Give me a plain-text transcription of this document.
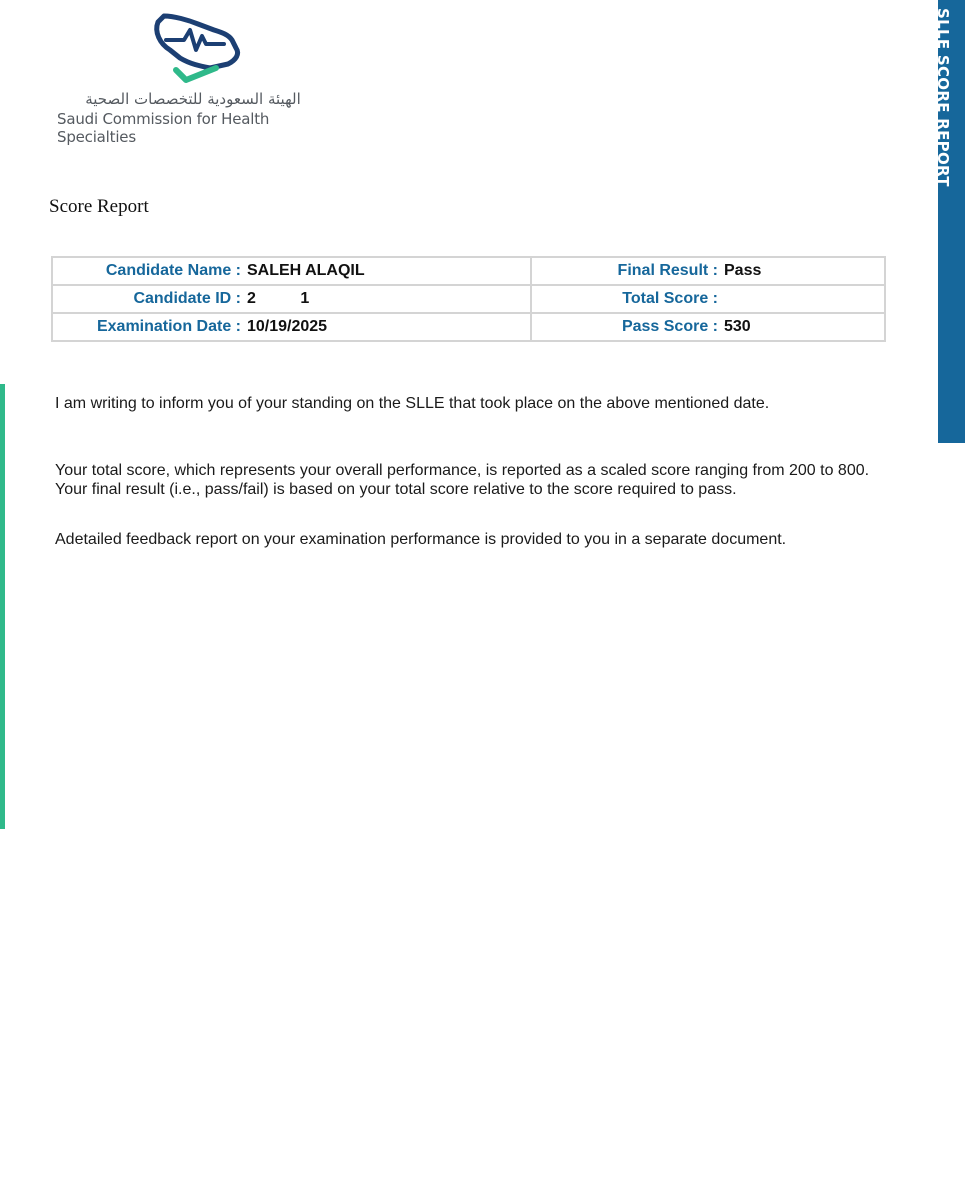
الهيئة السعودية للتخصصات الصحية
Saudi Commission for Health Specialties	SLLE SCORE REPORT
Score Report
Candidate Name : SALEH ALAQIL	Final Result : Pass

Candidate ID : 2          1	Total Score :

Examination Date : 10/19/2025	Pass Score : 530

I am writing to inform you of your standing on the SLLE that took place on the above mentioned date.

Your total score, which represents your overall performance, is reported as a scaled score ranging from 200 to 800. Your final result (i.e., pass/fail) is based on your total score relative to the score required to pass.

Adetailed feedback report on your examination performance is provided to you in a separate document.
